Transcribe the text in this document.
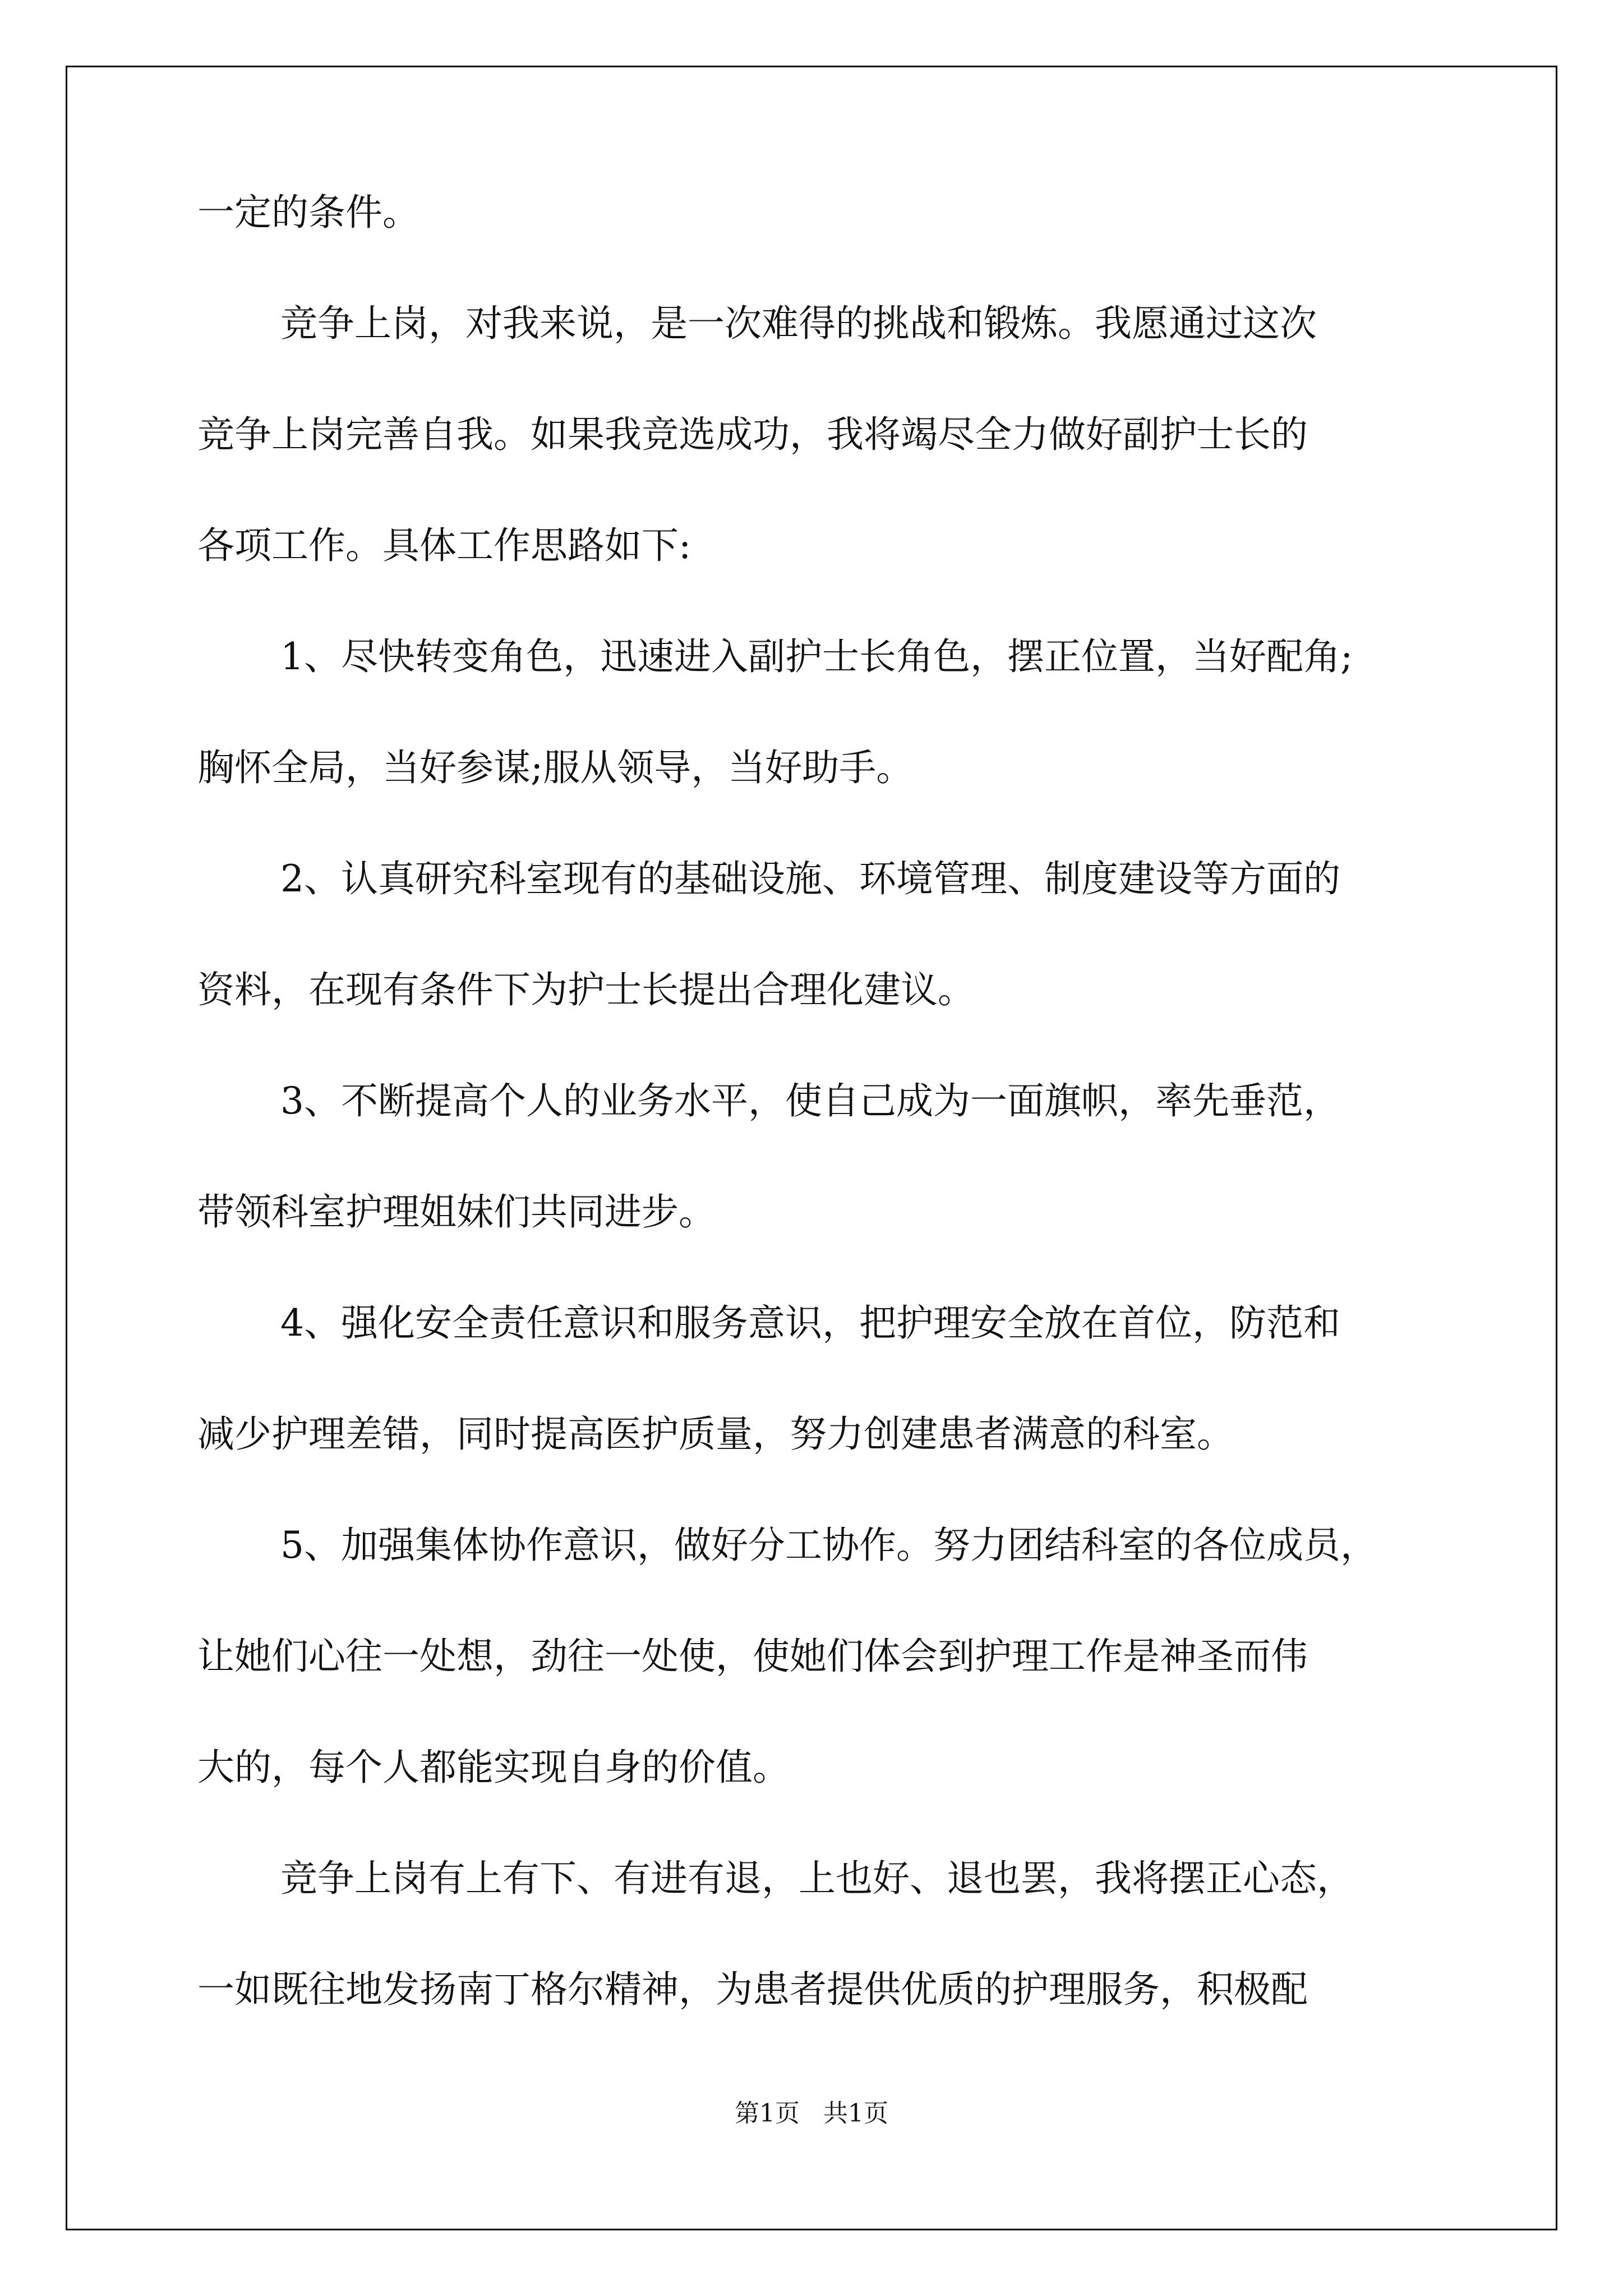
一定的条件。
竞争上岗，对我来说，是一次难得的挑战和锻炼。我愿通过这次
竞争上岗完善自我。如果我竞选成功，我将竭尽全力做好副护士长的
各项工作。具体工作思路如下:
1、尽快转变角色，迅速进入副护士长角色，摆正位置，当好配角;
胸怀全局，当好参谋;服从领导，当好助手。
2、认真研究科室现有的基础设施、环境管理、制度建设等方面的
资料，在现有条件下为护士长提出合理化建议。
3、不断提高个人的业务水平，使自己成为一面旗帜，率先垂范，
带领科室护理姐妹们共同进步。
4、强化安全责任意识和服务意识，把护理安全放在首位，防范和
减少护理差错，同时提高医护质量，努力创建患者满意的科室。
5、加强集体协作意识，做好分工协作。努力团结科室的各位成员，
让她们心往一处想，劲往一处使，使她们体会到护理工作是神圣而伟
大的，每个人都能实现自身的价值。
竞争上岗有上有下、有进有退，上也好、退也罢，我将摆正心态，
一如既往地发扬南丁格尔精神，为患者提供优质的护理服务，积极配
第1页   共1页
